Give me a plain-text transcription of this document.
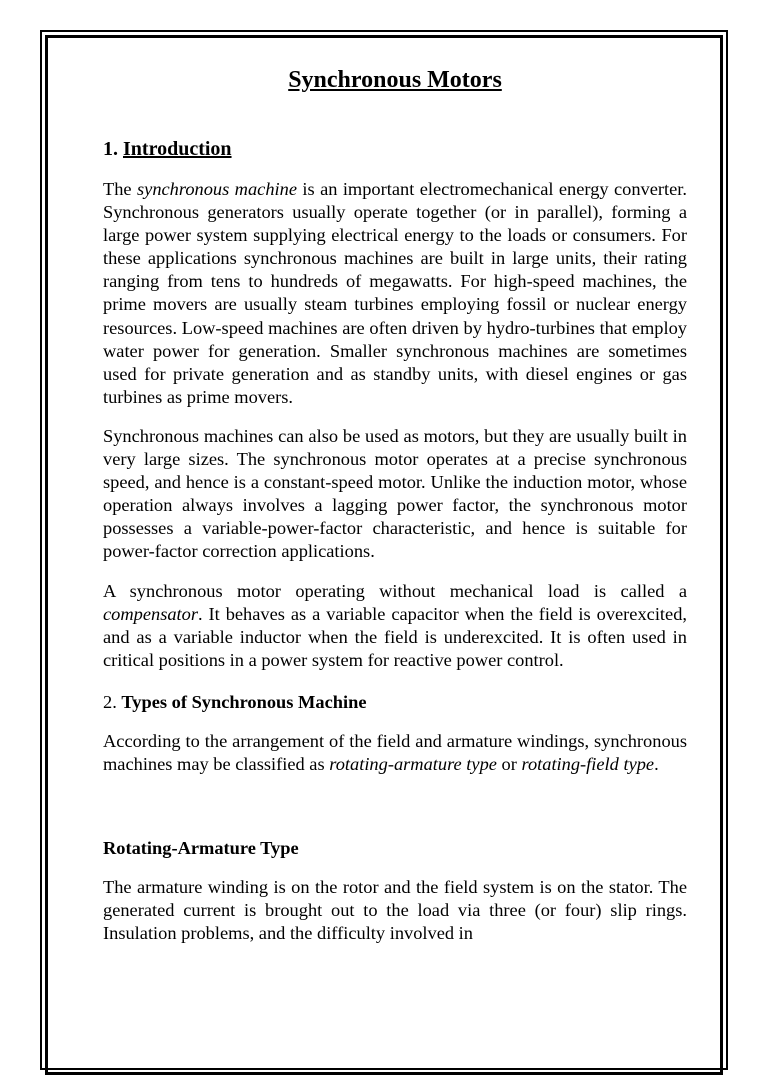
Synchronous Motors
1. Introduction

The synchronous machine is an important electromechanical energy converter. Synchronous generators usually operate together (or in parallel), forming a large power system supplying electrical energy to the loads or consumers. For these applications synchronous machines are built in large units, their rating ranging from tens to hundreds of megawatts. For high-speed machines, the prime movers are usually steam turbines employing fossil or nuclear energy resources. Low-speed machines are often driven by hydro-turbines that employ water power for generation. Smaller synchronous machines are sometimes used for private generation and as standby units, with diesel engines or gas turbines as prime movers.

Synchronous machines can also be used as motors, but they are usually built in very large sizes. The synchronous motor operates at a precise synchronous speed, and hence is a constant-speed motor. Unlike the induction motor, whose operation always involves a lagging power factor, the synchronous motor possesses a variable-power-factor characteristic, and hence is suitable for power-factor correction applications.

A synchronous motor operating without mechanical load is called a compensator. It behaves as a variable capacitor when the field is overexcited, and as a variable inductor when the field is underexcited. It is often used in critical positions in a power system for reactive power control.

2. Types of Synchronous Machine

According to the arrangement of the field and armature windings, synchronous machines may be classified as rotating-armature type or rotating-field type.

Rotating-Armature Type

The armature winding is on the rotor and the field system is on the stator. The generated current is brought out to the load via three (or four) slip rings. Insulation problems, and the difficulty involved in
